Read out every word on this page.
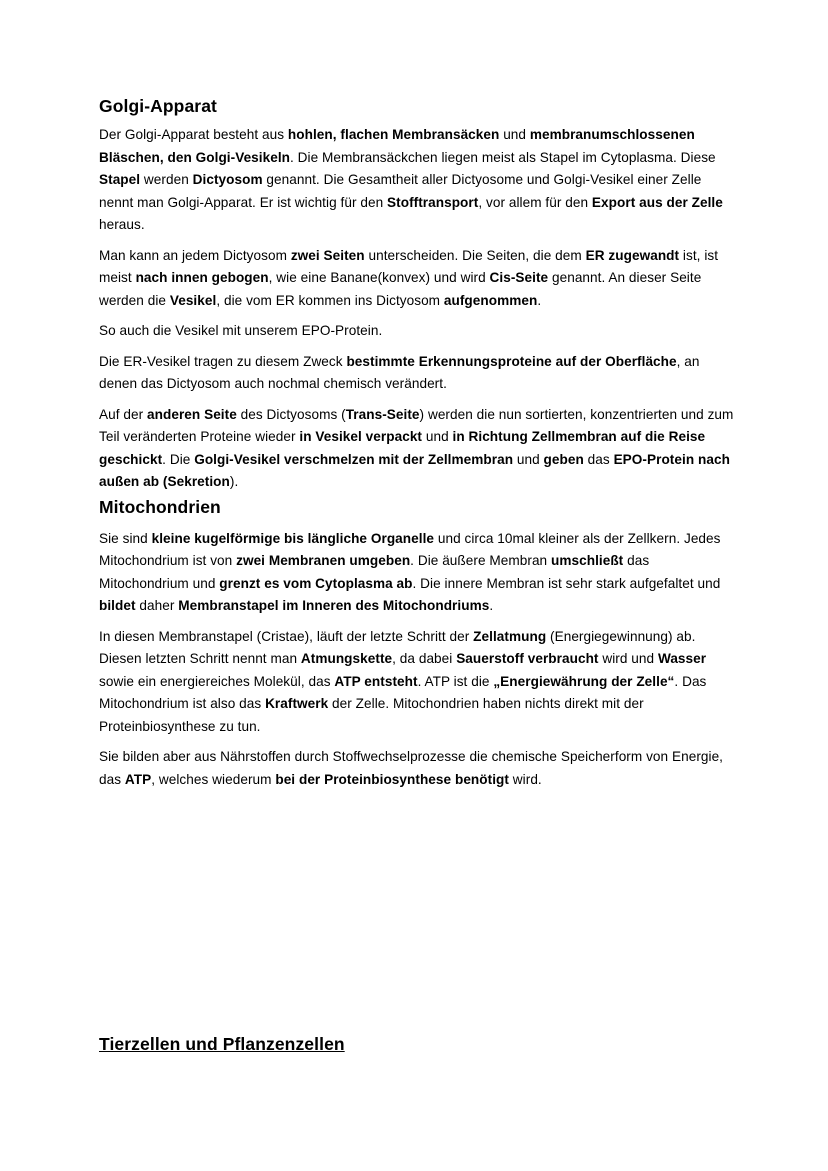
Golgi-Apparat

Der Golgi-Apparat besteht aus hohlen, flachen Membransäcken und membranumschlossenen Bläschen, den Golgi-Vesikeln. Die Membransäckchen liegen meist als Stapel im Cytoplasma. Diese Stapel werden Dictyosom genannt. Die Gesamtheit aller Dictyosome und Golgi-Vesikel einer Zelle nennt man Golgi-Apparat. Er ist wichtig für den Stofftransport, vor allem für den Export aus der Zelle heraus.

Man kann an jedem Dictyosom zwei Seiten unterscheiden. Die Seiten, die dem ER zugewandt ist, ist meist nach innen gebogen, wie eine Banane(konvex) und wird Cis-Seite genannt. An dieser Seite werden die Vesikel, die vom ER kommen ins Dictyosom aufgenommen.

So auch die Vesikel mit unserem EPO-Protein.

Die ER-Vesikel tragen zu diesem Zweck bestimmte Erkennungsproteine auf der Oberfläche, an denen das Dictyosom auch nochmal chemisch verändert.

Auf der anderen Seite des Dictyosoms (Trans-Seite) werden die nun sortierten, konzentrierten und zum Teil veränderten Proteine wieder in Vesikel verpackt und in Richtung Zellmembran auf die Reise geschickt. Die Golgi-Vesikel verschmelzen mit der Zellmembran und geben das EPO-Protein nach außen ab (Sekretion).

Mitochondrien

Sie sind kleine kugelförmige bis längliche Organelle und circa 10mal kleiner als der Zellkern. Jedes Mitochondrium ist von zwei Membranen umgeben. Die äußere Membran umschließt das Mitochondrium und grenzt es vom Cytoplasma ab. Die innere Membran ist sehr stark aufgefaltet und bildet daher Membranstapel im Inneren des Mitochondriums.

In diesen Membranstapel (Cristae), läuft der letzte Schritt der Zellatmung (Energiegewinnung) ab. Diesen letzten Schritt nennt man Atmungskette, da dabei Sauerstoff verbraucht wird und Wasser sowie ein energiereiches Molekül, das ATP entsteht. ATP ist die „Energiewährung der Zelle“. Das Mitochondrium ist also das Kraftwerk der Zelle. Mitochondrien haben nichts direkt mit der Proteinbiosynthese zu tun.

Sie bilden aber aus Nährstoffen durch Stoffwechselprozesse die chemische Speicherform von Energie, das ATP, welches wiederum bei der Proteinbiosynthese benötigt wird.

Tierzellen und Pflanzenzellen
